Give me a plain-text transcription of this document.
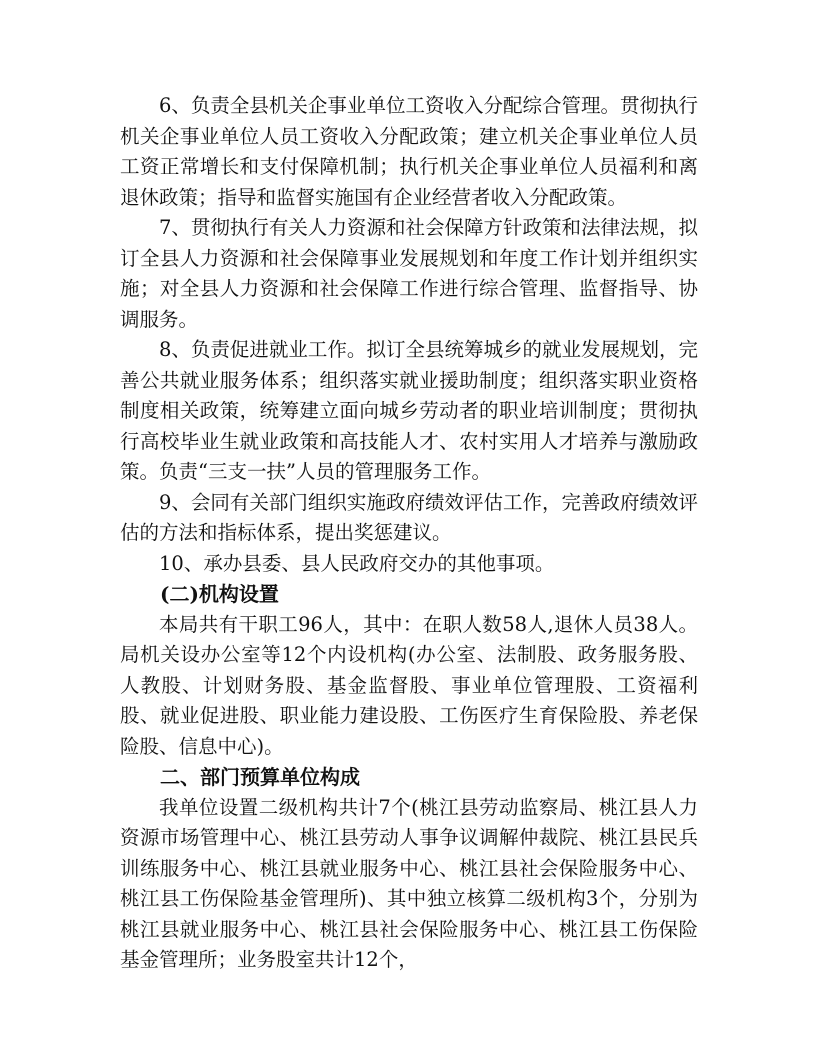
6、负责全县机关企事业单位工资收入分配综合管理。贯彻执行机关企事业单位人员工资收入分配政策；建立机关企事业单位人员工资正常增长和支付保障机制；执行机关企事业单位人员福利和离退休政策；指导和监督实施国有企业经营者收入分配政策。

7、贯彻执行有关人力资源和社会保障方针政策和法律法规，拟订全县人力资源和社会保障事业发展规划和年度工作计划并组织实施；对全县人力资源和社会保障工作进行综合管理、监督指导、协调服务。

8、负责促进就业工作。拟订全县统筹城乡的就业发展规划，完善公共就业服务体系；组织落实就业援助制度；组织落实职业资格制度相关政策，统筹建立面向城乡劳动者的职业培训制度；贯彻执行高校毕业生就业政策和高技能人才、农村实用人才培养与激励政策。负责“三支一扶”人员的管理服务工作。

9、会同有关部门组织实施政府绩效评估工作，完善政府绩效评估的方法和指标体系，提出奖惩建议。

10、承办县委、县人民政府交办的其他事项。

(二)机构设置

本局共有干职工96人，其中：在职人数58人,退休人员38人。局机关设办公室等12个内设机构(办公室、法制股、政务服务股、人教股、计划财务股、基金监督股、事业单位管理股、工资福利股、就业促进股、职业能力建设股、工伤医疗生育保险股、养老保险股、信息中心)。

二、部门预算单位构成

我单位设置二级机构共计7个(桃江县劳动监察局、桃江县人力资源市场管理中心、桃江县劳动人事争议调解仲裁院、桃江县民兵训练服务中心、桃江县就业服务中心、桃江县社会保险服务中心、桃江县工伤保险基金管理所)、其中独立核算二级机构3个，分别为桃江县就业服务中心、桃江县社会保险服务中心、桃江县工伤保险基金管理所；业务股室共计12个，
